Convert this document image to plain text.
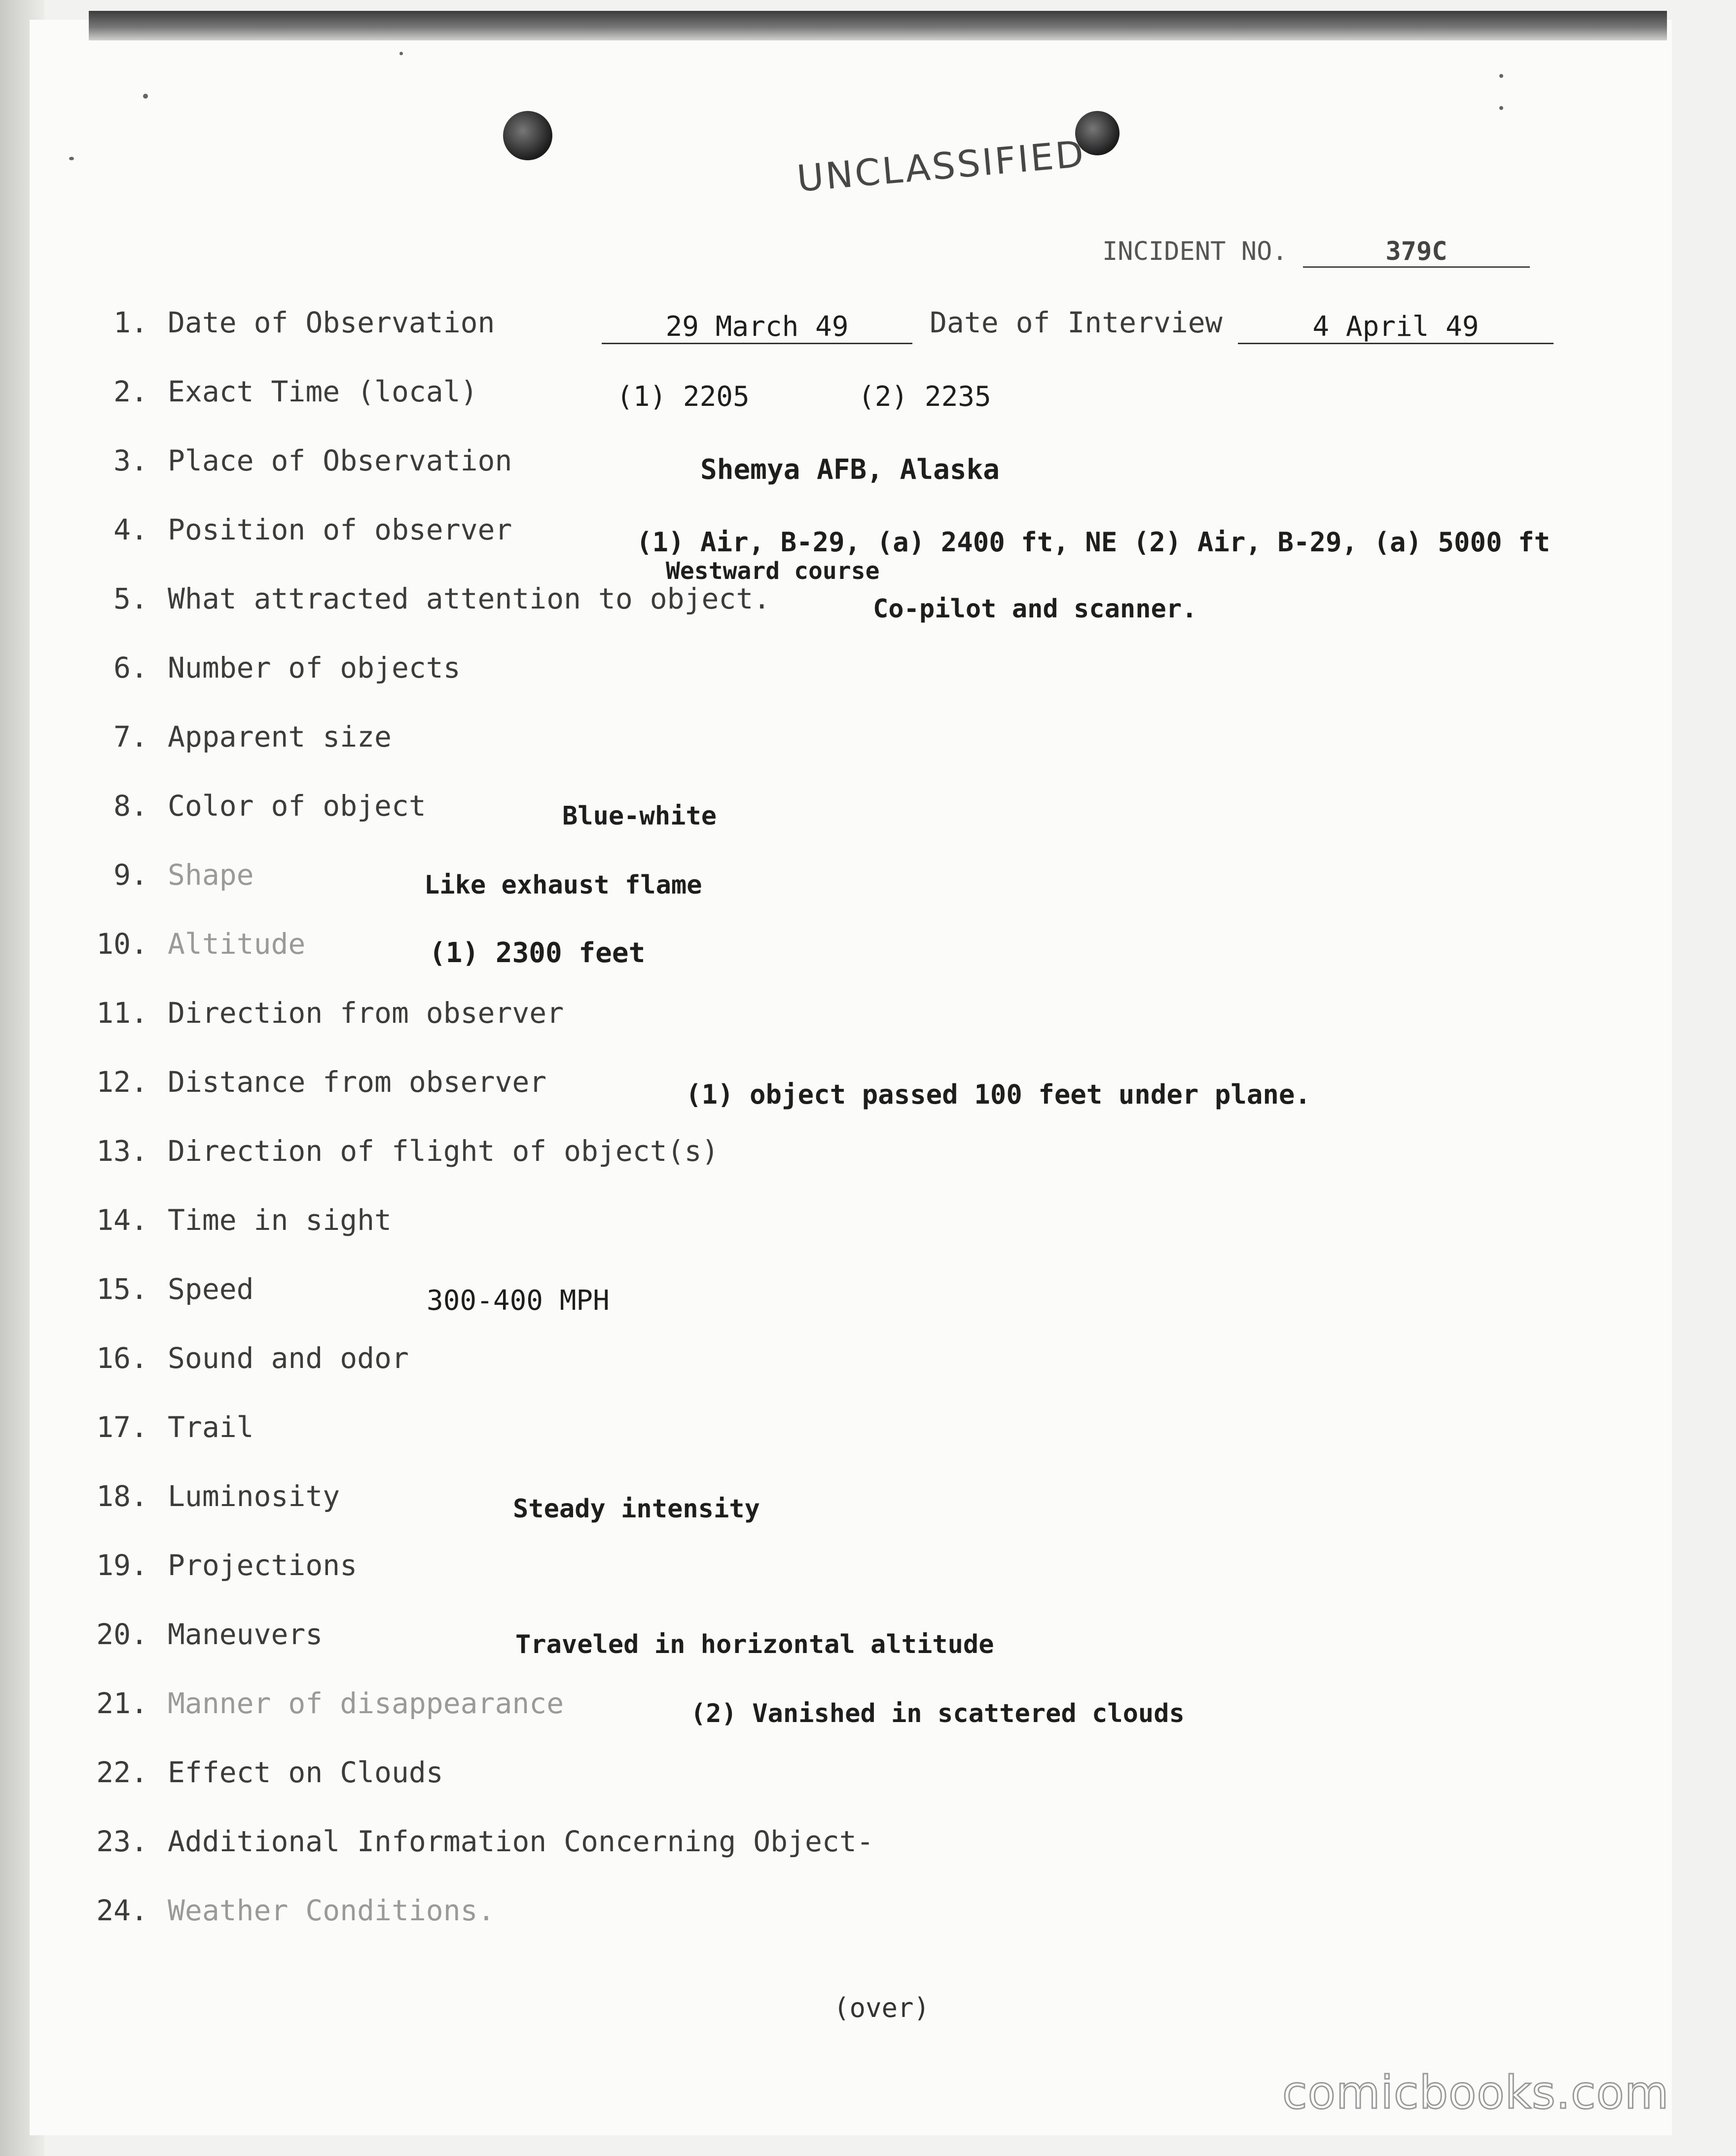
UNCLASSIFIED
INCIDENT NO.	379C
1. Date of Observation	29 March 49	Date of Interview	4 April 49
2. Exact Time (local)	(1) 2205	(2) 2235
3. Place of Observation	Shemya AFB, Alaska
4. Position of observer	(1) Air, B-29, (a) 2400 ft, NE (2) Air, B-29, (a) 5000 ft
Westward course
5. What attracted attention to object.	Co-pilot and scanner.
6. Number of objects
7. Apparent size
8. Color of object	Blue-white
9. Shape	Like exhaust flame
10. Altitude	(1) 2300 feet
11. Direction from observer
12. Distance from observer	(1) object passed 100 feet under plane.
13. Direction of flight of object(s)
14. Time in sight
15. Speed	300-400 MPH
16. Sound and odor
17. Trail
18. Luminosity	Steady intensity
19. Projections
20. Maneuvers	Traveled in horizontal altitude
21. Manner of disappearance	(2) Vanished in scattered clouds
22. Effect on Clouds
23. Additional Information Concerning Object-
24. Weather Conditions.
(over)
comicbooks.com
